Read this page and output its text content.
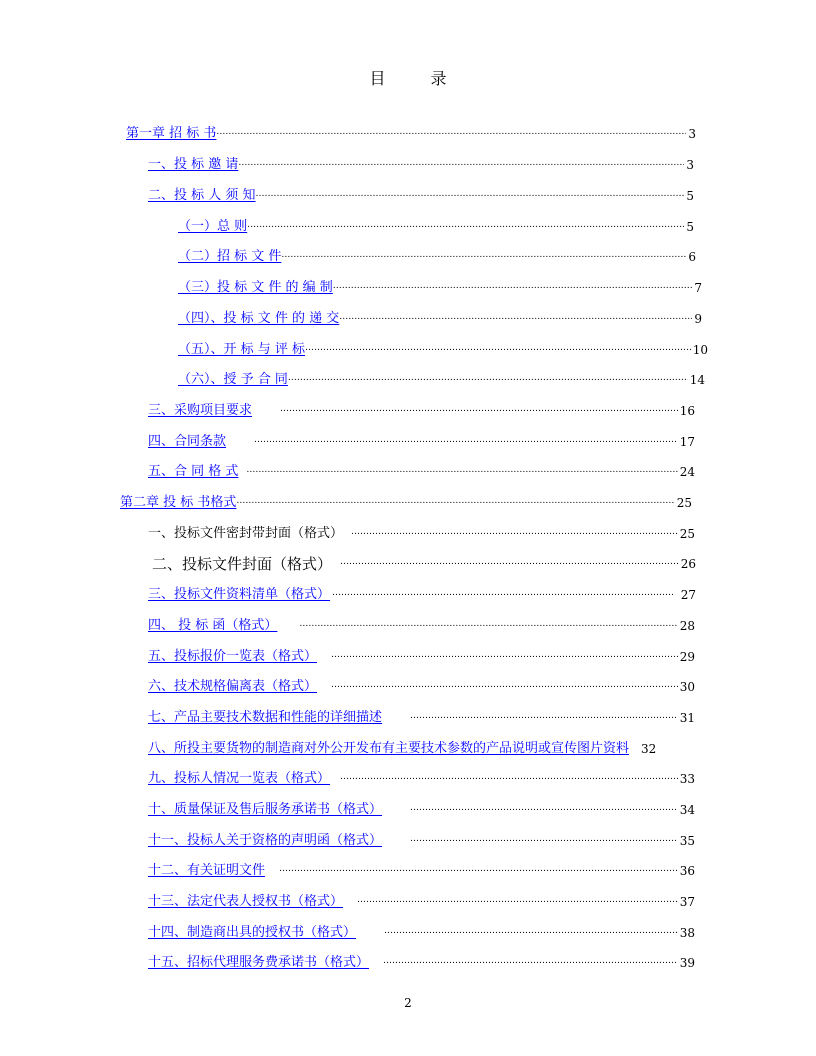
目 录
第一章 招 标 书 …………………………………………………………………………………………………………………………………………………………………………………………………………………………………………	3
一、投 标 邀 请 …………………………………………………………………………………………………………………………………………………………………………………………………………………………………………	3
二、投 标 人 须 知 …………………………………………………………………………………………………………………………………………………………………………………………………………………………………………	5
（一）总 则 …………………………………………………………………………………………………………………………………………………………………………………………………………………………………………	5
（二）招 标 文 件 …………………………………………………………………………………………………………………………………………………………………………………………………………………………………………	6
（三）投 标 文 件 的 编 制 …………………………………………………………………………………………………………………………………………………………………………………………………………………………………………	7
（四）、投 标 文 件 的 递 交 …………………………………………………………………………………………………………………………………………………………………………………………………………………………………………	9
（五）、开 标 与 评 标 …………………………………………………………………………………………………………………………………………………………………………………………………………………………………………	10
（六）、授 予 合 同 …………………………………………………………………………………………………………………………………………………………………………………………………………………………………………	14
三、采购项目要求 …………………………………………………………………………………………………………………………………………………………………………………………………………………………………………	16
四、合同条款 …………………………………………………………………………………………………………………………………………………………………………………………………………………………………………	17
五、合 同 格 式 …………………………………………………………………………………………………………………………………………………………………………………………………………………………………………	24
第二章 投 标 书格式 …………………………………………………………………………………………………………………………………………………………………………………………………………………………………………	25
一、投标文件密封带封面（格式） …………………………………………………………………………………………………………………………………………………………………………………………………………………………………………	25
二、投标文件封面（格式） …………………………………………………………………………………………………………………………………………………………………………………………………………………………………………	26
三、投标文件资料清单（格式） …………………………………………………………………………………………………………………………………………………………………………………………………………………………………………	27
四、 投 标 函（格式） …………………………………………………………………………………………………………………………………………………………………………………………………………………………………………	28
五、投标报价一览表（格式） …………………………………………………………………………………………………………………………………………………………………………………………………………………………………………	29
六、技术规格偏离表（格式） …………………………………………………………………………………………………………………………………………………………………………………………………………………………………………	30
七、产品主要技术数据和性能的详细描述 …………………………………………………………………………………………………………………………………………………………………………………………………………………………………………	31
八、所投主要货物的制造商对外公开发布有主要技术参数的产品说明或宣传图片资料	32
九、投标人情况一览表（格式） …………………………………………………………………………………………………………………………………………………………………………………………………………………………………………	33
十、质量保证及售后服务承诺书（格式） …………………………………………………………………………………………………………………………………………………………………………………………………………………………………………	34
十一、投标人关于资格的声明函（格式） …………………………………………………………………………………………………………………………………………………………………………………………………………………………………………	35
十二、有关证明文件 …………………………………………………………………………………………………………………………………………………………………………………………………………………………………………	36
十三、法定代表人授权书（格式） …………………………………………………………………………………………………………………………………………………………………………………………………………………………………………	37
十四、制造商出具的授权书（格式） …………………………………………………………………………………………………………………………………………………………………………………………………………………………………………	38
十五、招标代理服务费承诺书（格式） …………………………………………………………………………………………………………………………………………………………………………………………………………………………………………	39
2
